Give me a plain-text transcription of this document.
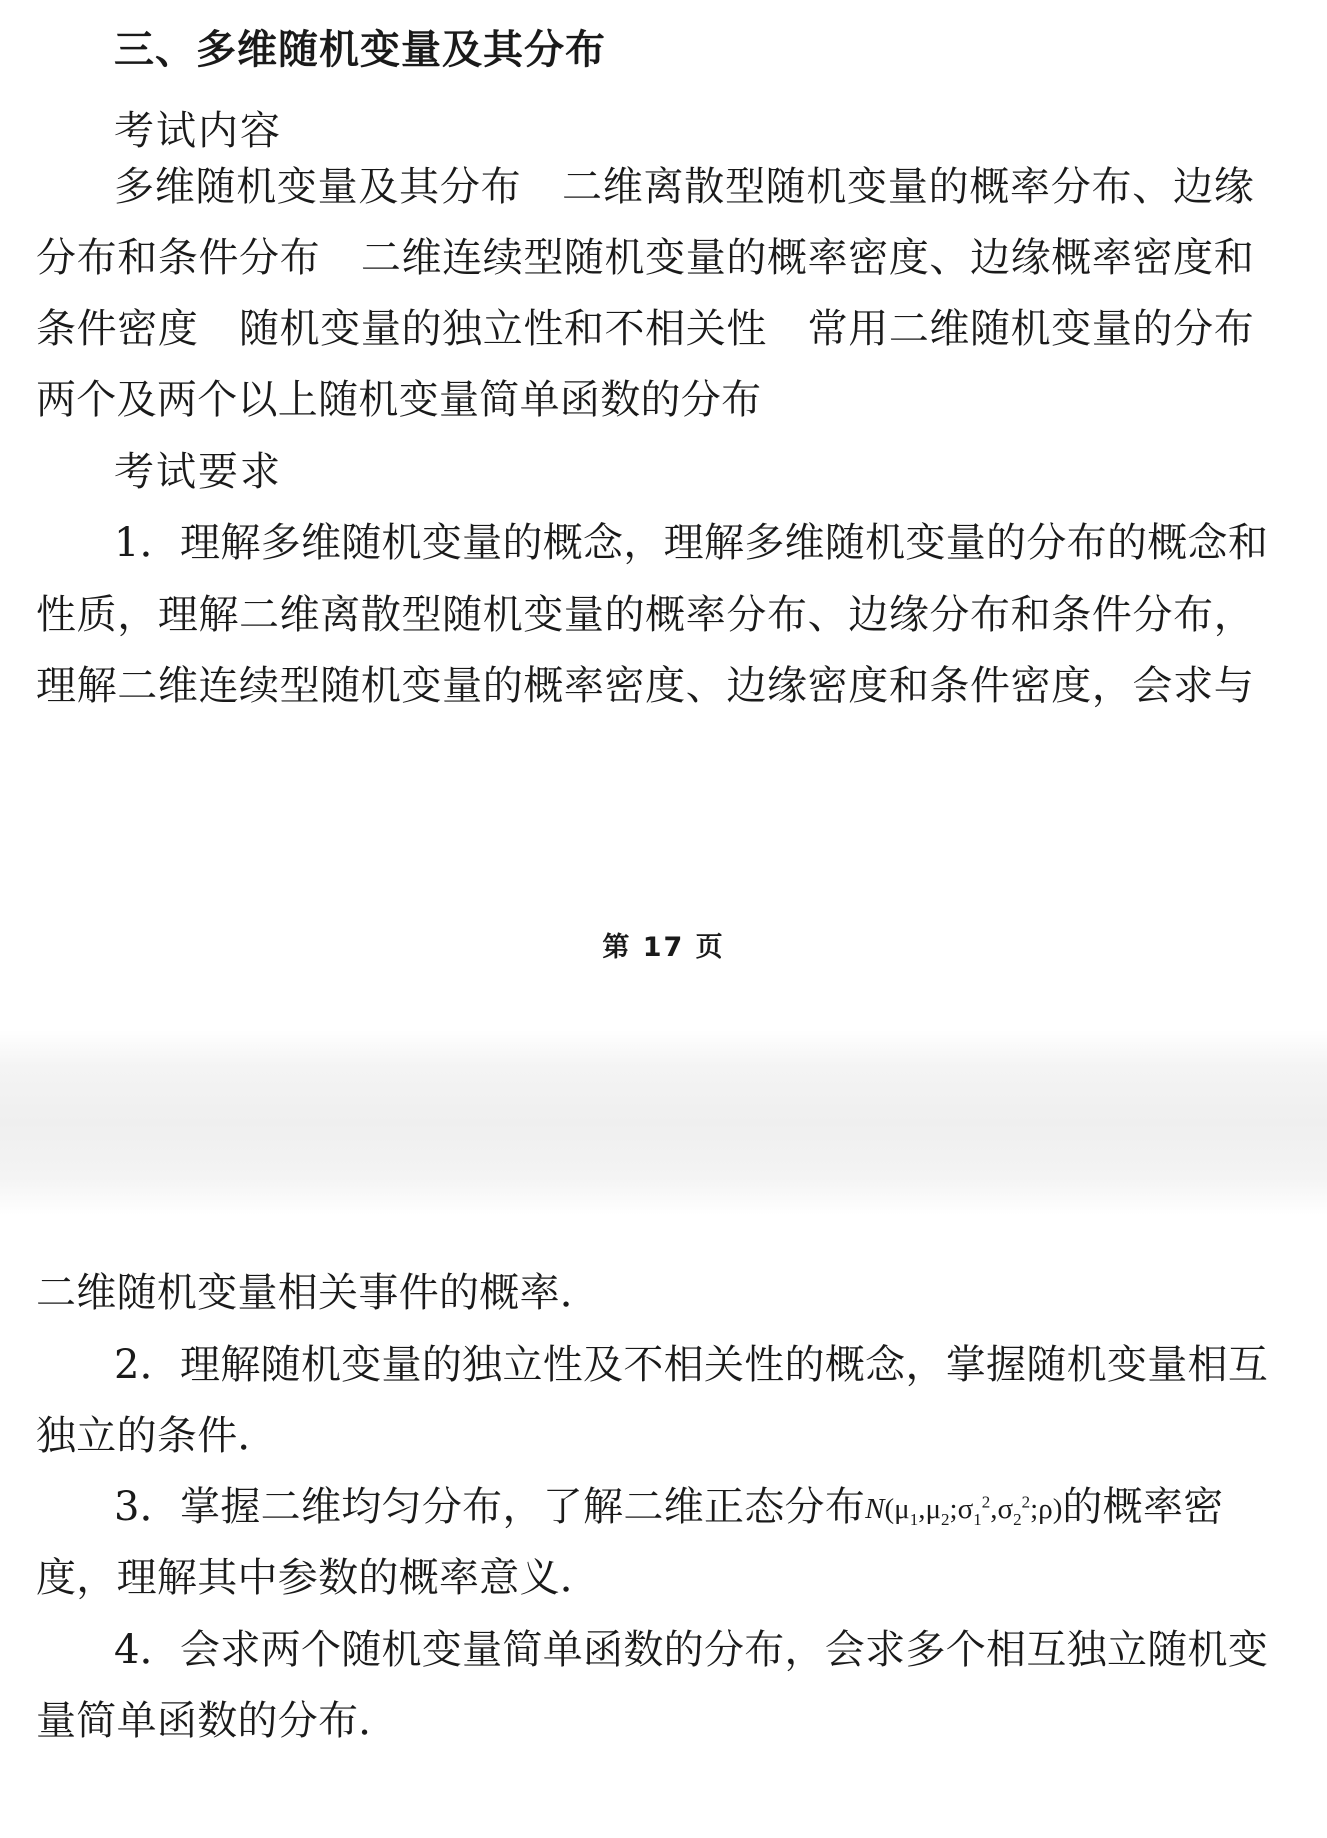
三、多维随机变量及其分布
考试内容
多维随机变量及其分布　二维离散型随机变量的概率分布、边缘
分布和条件分布　二维连续型随机变量的概率密度、边缘概率密度和
条件密度　随机变量的独立性和不相关性　常用二维随机变量的分布
两个及两个以上随机变量简单函数的分布
考试要求
1．理解多维随机变量的概念，理解多维随机变量的分布的概念和
性质，理解二维离散型随机变量的概率分布、边缘分布和条件分布，
理解二维连续型随机变量的概率密度、边缘密度和条件密度，会求与
第 17 页
二维随机变量相关事件的概率．
2．理解随机变量的独立性及不相关性的概念，掌握随机变量相互
独立的条件．
3．掌握二维均匀分布，了解二维正态分布$N(\mu_1,\mu_2;\sigma_1^2,\sigma_2^2;\rho)$的概率密
度，理解其中参数的概率意义．
4．会求两个随机变量简单函数的分布，会求多个相互独立随机变
量简单函数的分布．
